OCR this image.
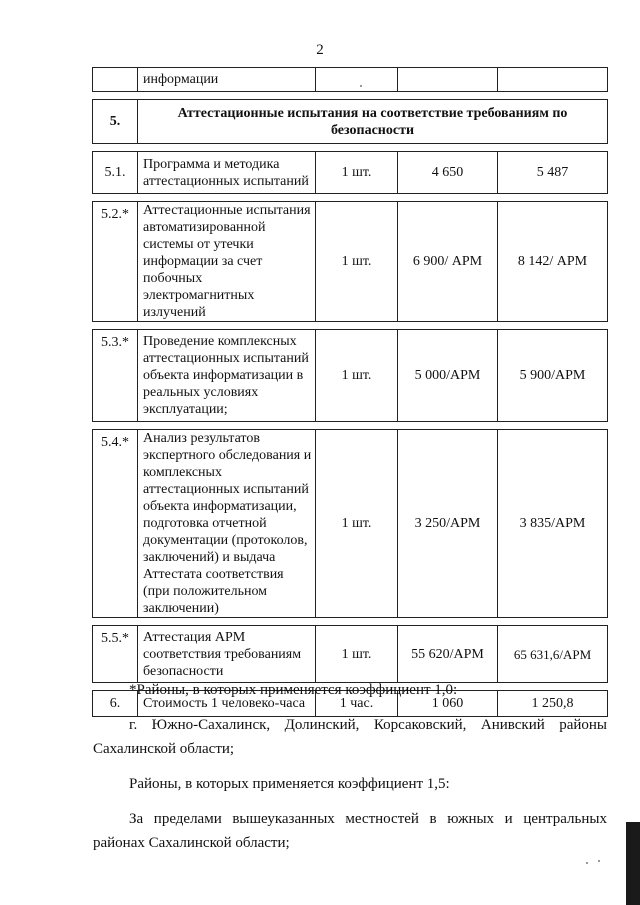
2
	информации			

5.	Аттестационные испытания на соответствие требованиям по безопасности			

5.1.	Программа и методика аттестационных испытаний	1 шт.	4 650	5 487

5.2.*	Аттестационные испытания автоматизированной системы от утечки информации за счет побочных электромагнитных излучений	1 шт.	6 900/ АРМ	8 142/ АРМ

5.3.*	Проведение комплексных аттестационных испытаний объекта информатизации в реальных условиях эксплуатации;	1 шт.	5 000/АРМ	5 900/АРМ

5.4.*	Анализ результатов экспертного обследования и комплексных аттестационных испытаний объекта информатизации, подготовка отчетной документации (протоколов, заключений) и выдача Аттестата соответствия (при положительном заключении)	1 шт.	3 250/АРМ	3 835/АРМ

5.5.*	Аттестация АРМ соответствия требованиям безопасности	1 шт.	55 620/АРМ	65 631,6/АРМ

6.	Стоимость 1 человеко-часа	1 час.	1 060	1 250,8

*Районы, в которых применяется коэффициент 1,0:

г. Южно-Сахалинск, Долинский, Корсаковский, Анивский районы Сахалинской области;

Районы, в которых применяется коэффициент 1,5:

За пределами вышеуказанных местностей в южных и центральных районах Сахалинской области;
